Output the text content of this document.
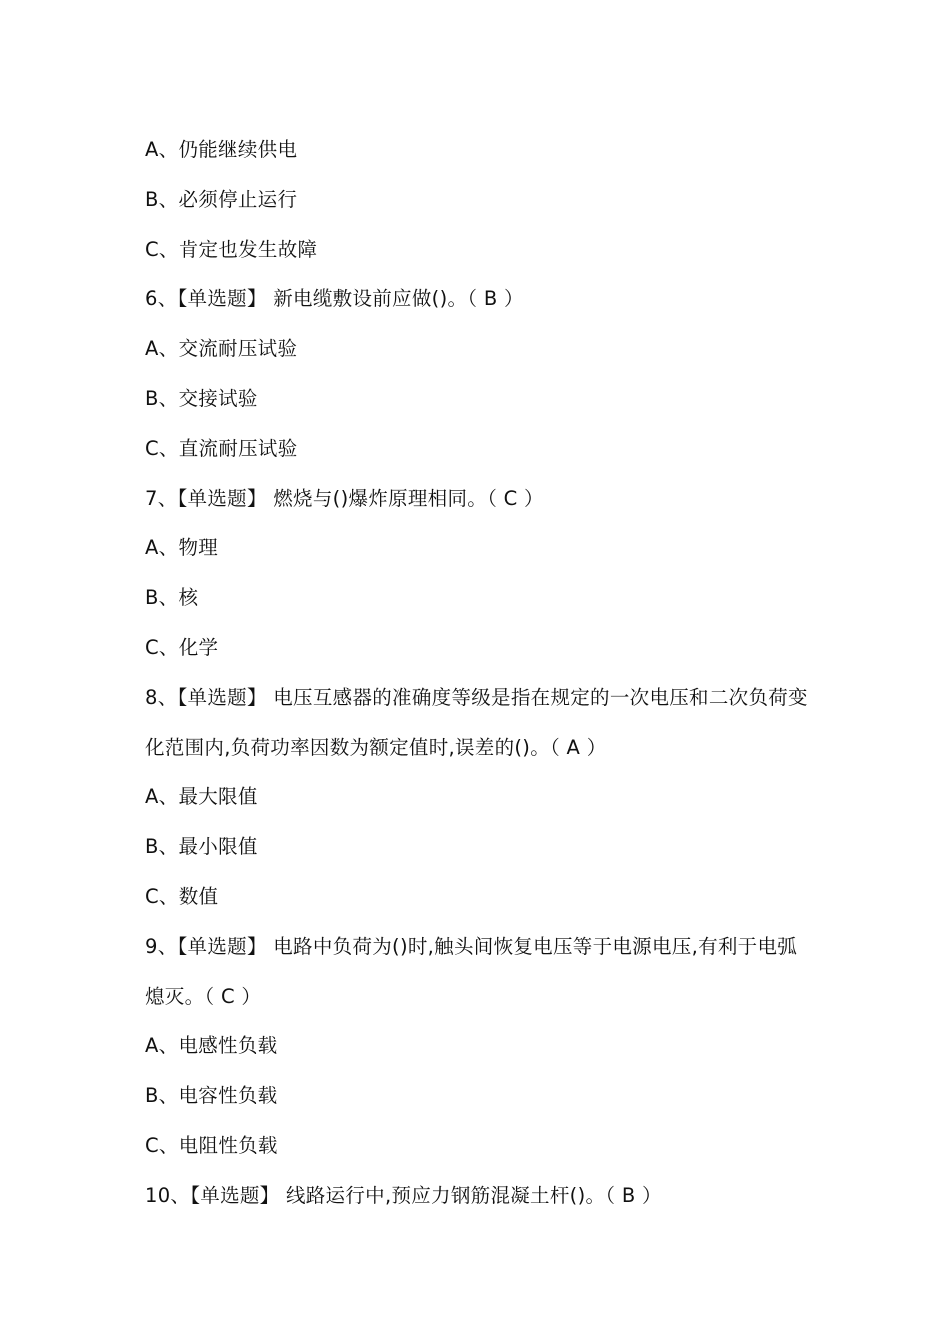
A、仍能继续供电
B、必须停止运行
C、肯定也发生故障
6、【单选题】 新电缆敷设前应做()。（ B ）
A、交流耐压试验
B、交接试验
C、直流耐压试验
7、【单选题】 燃烧与()爆炸原理相同。（ C ）
A、物理
B、核
C、化学
8、【单选题】 电压互感器的准确度等级是指在规定的一次电压和二次负荷变化范围内,负荷功率因数为额定值时,误差的()。（ A ）
A、最大限值
B、最小限值
C、数值
9、【单选题】 电路中负荷为()时,触头间恢复电压等于电源电压,有利于电弧熄灭。（ C ）
A、电感性负载
B、电容性负载
C、电阻性负载
10、【单选题】 线路运行中,预应力钢筋混凝土杆()。（ B ）
